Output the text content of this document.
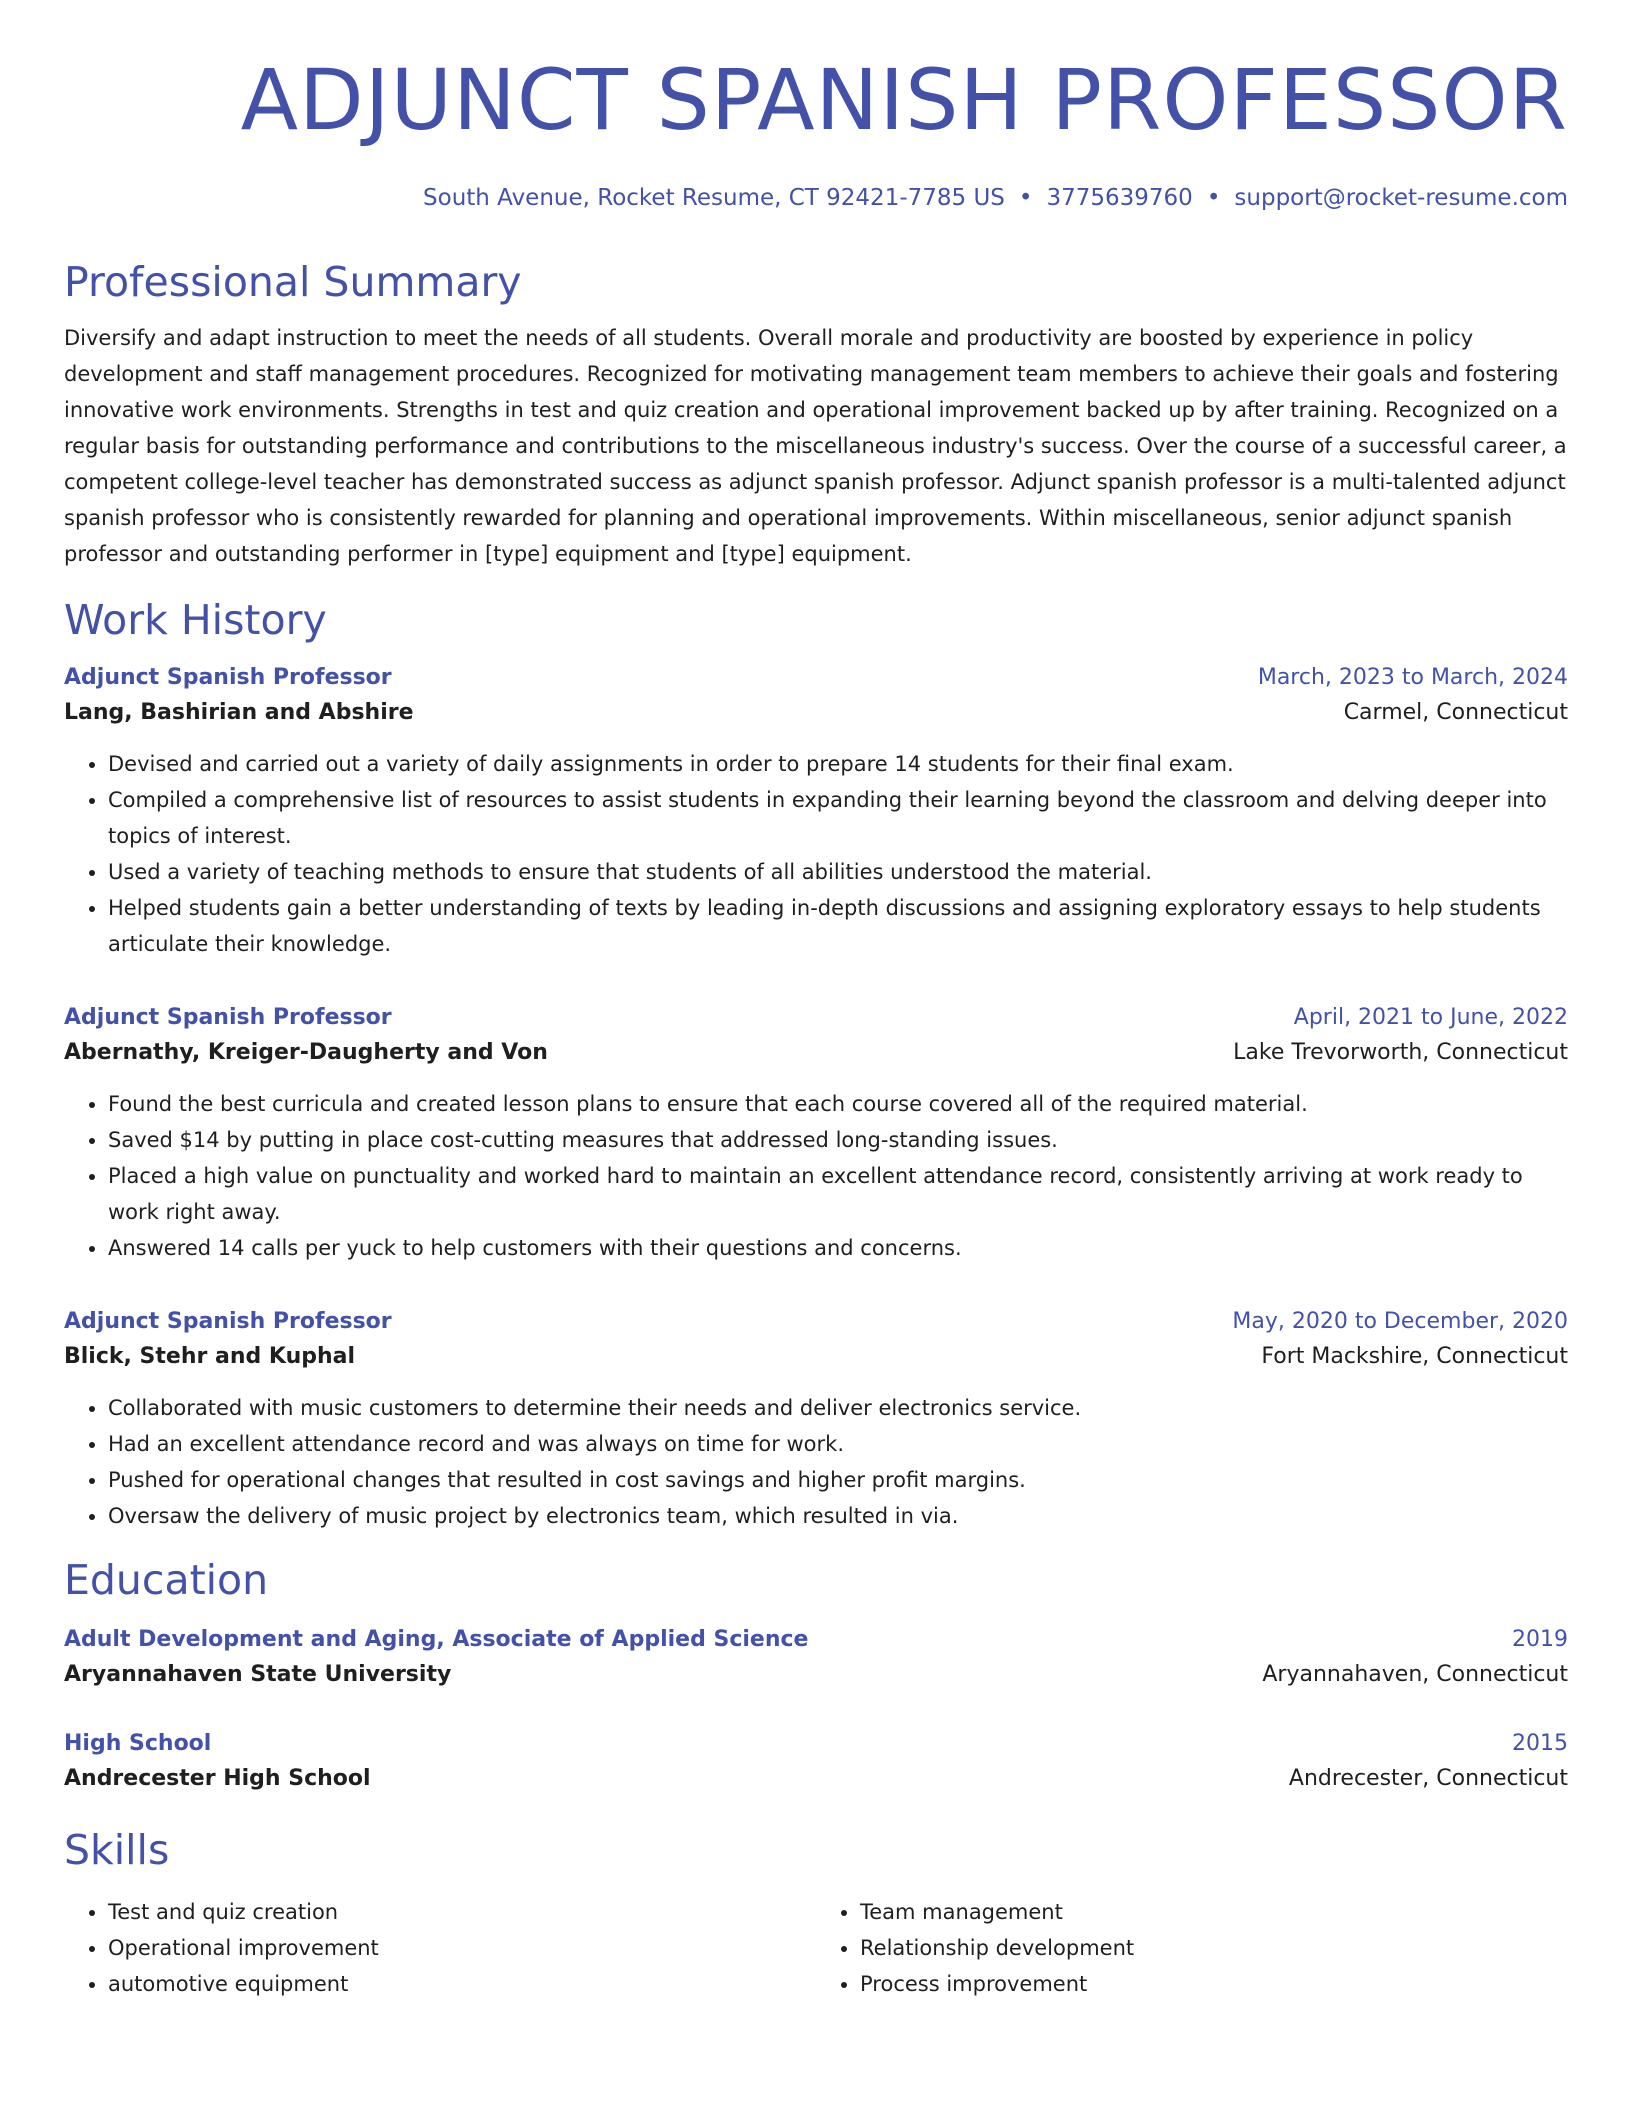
ADJUNCT SPANISH PROFESSOR
South Avenue, Rocket Resume, CT 92421-7785 US • 3775639760 • support@rocket-resume.com
Professional Summary

Diversify and adapt instruction to meet the needs of all students. Overall morale and productivity are boosted by experience in policy development and staff management procedures. Recognized for motivating management team members to achieve their goals and fostering innovative work environments. Strengths in test and quiz creation and operational improvement backed up by after training. Recognized on a regular basis for outstanding performance and contributions to the miscellaneous industry's success. Over the course of a successful career, a competent college-level teacher has demonstrated success as adjunct spanish professor. Adjunct spanish professor is a multi-talented adjunct spanish professor who is consistently rewarded for planning and operational improvements. Within miscellaneous, senior adjunct spanish professor and outstanding performer in [type] equipment and [type] equipment.

Work History
Adjunct Spanish Professor	March, 2023 to March, 2024
Lang, Bashirian and Abshire	Carmel, Connecticut
• Devised and carried out a variety of daily assignments in order to prepare 14 students for their final exam.
• Compiled a comprehensive list of resources to assist students in expanding their learning beyond the classroom and delving deeper into topics of interest.
• Used a variety of teaching methods to ensure that students of all abilities understood the material.
• Helped students gain a better understanding of texts by leading in-depth discussions and assigning exploratory essays to help students articulate their knowledge.
Adjunct Spanish Professor	April, 2021 to June, 2022
Abernathy, Kreiger-Daugherty and Von	Lake Trevorworth, Connecticut
• Found the best curricula and created lesson plans to ensure that each course covered all of the required material.
• Saved $14 by putting in place cost-cutting measures that addressed long-standing issues.
• Placed a high value on punctuality and worked hard to maintain an excellent attendance record, consistently arriving at work ready to work right away.
• Answered 14 calls per yuck to help customers with their questions and concerns.
Adjunct Spanish Professor	May, 2020 to December, 2020
Blick, Stehr and Kuphal	Fort Mackshire, Connecticut
• Collaborated with music customers to determine their needs and deliver electronics service.
• Had an excellent attendance record and was always on time for work.
• Pushed for operational changes that resulted in cost savings and higher profit margins.
• Oversaw the delivery of music project by electronics team, which resulted in via.
Education
Adult Development and Aging, Associate of Applied Science	2019
Aryannahaven State University	Aryannahaven, Connecticut
High School	2015
Andrecester High School	Andrecester, Connecticut
Skills
• Test and quiz creation
• Operational improvement
• automotive equipment
• Team management
• Relationship development
• Process improvement
